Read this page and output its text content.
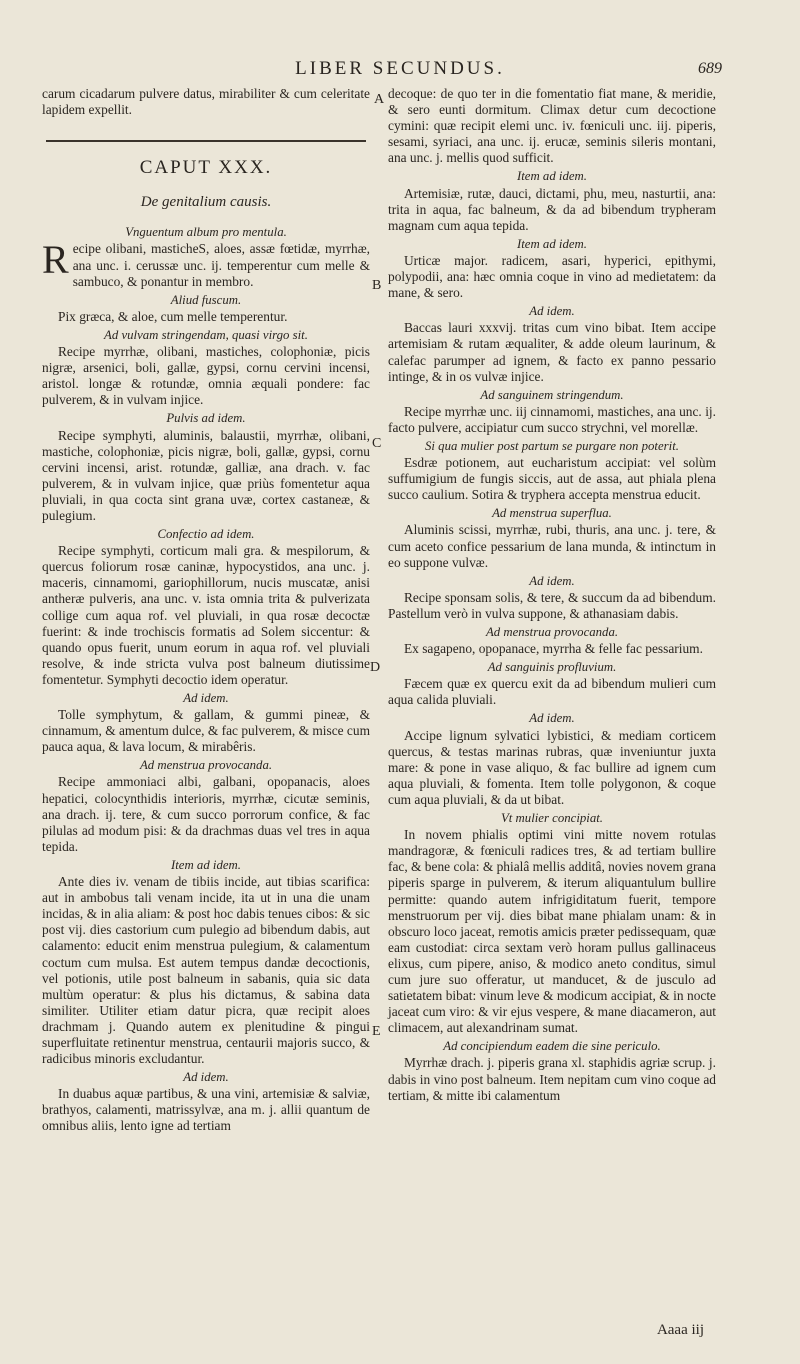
LIBER SECUNDUS.	689

carum cicadarum pulvere datus, mirabiliter & cum celeritate lapidem expellit.

CAPUT XXX.
De genitalium causis.
Vnguentum album pro mentula.

Recipe olibani, masticheS, aloes, assæ fœtidæ, myrrhæ, ana unc. i. cerussæ unc. ij. temperentur cum melle & sambuco, & ponantur in membro.

Aliud fuscum.

Pix græca, & aloe, cum melle temperentur.

Ad vulvam stringendam, quasi virgo sit.

Recipe myrrhæ, olibani, mastiches, colophoniæ, picis nigræ, arsenici, boli, gallæ, gypsi, cornu cervini incensi, aristol. longæ & rotundæ, omnia æquali pondere: fac pulverem, & in vulvam injice.

Pulvis ad idem.

Recipe symphyti, aluminis, balaustii, myrrhæ, olibani, mastiche, colophoniæ, picis nigræ, boli, gallæ, gypsi, cornu cervini incensi, arist. rotundæ, galliæ, ana drach. v. fac pulverem, & in vulvam injice, quæ priùs fomentetur aqua pluviali, in qua cocta sint grana uvæ, cortex castaneæ, & pulegium.

Confectio ad idem.

Recipe symphyti, corticum mali gra. & mespilorum, & quercus foliorum rosæ caninæ, hypocystidos, ana unc. j. maceris, cinnamomi, gariophillorum, nucis muscatæ, anisi antheræ pulveris, ana unc. v. ista omnia trita & pulverizata collige cum aqua rof. vel pluviali, in qua rosæ decoctæ fuerint: & inde trochiscis formatis ad Solem siccentur: & quando opus fuerit, unum eorum in aqua rof. vel pluviali resolve, & inde stricta vulva post balneum diutissime fomentetur. Symphyti decoctio idem operatur.

Ad idem.

Tolle symphytum, & gallam, & gummi pineæ, & cinnamum, & amentum dulce, & fac pulverem, & misce cum pauca aqua, & lava locum, & mirabêris.

Ad menstrua provocanda.

Recipe ammoniaci albi, galbani, opopanacis, aloes hepatici, colocynthidis interioris, myrrhæ, cicutæ seminis, ana drach. ij. tere, & cum succo porrorum confice, & fac pilulas ad modum pisi: & da drachmas duas vel tres in aqua tepida.

Item ad idem.

Ante dies iv. venam de tibiis incide, aut tibias scarifica: aut in ambobus tali venam incide, ita ut in una die unam incidas, & in alia aliam: & post hoc dabis tenues cibos: & sic post vij. dies castorium cum pulegio ad bibendum dabis, aut calamento: educit enim menstrua pulegium, & calamentum coctum cum mulsa. Est autem tempus dandæ decoctionis, vel potionis, utile post balneum in sabanis, quia sic data multùm operatur: & plus his dictamus, & sabina data similiter. Utiliter etiam datur picra, quæ recipit aloes drachmam j. Quando autem ex plenitudine & pingui superfluitate retinentur menstrua, centaurii majoris succo, & radicibus minoris excludantur.

Ad idem.

In duabus aquæ partibus, & una vini, artemisiæ & salviæ, brathyos, calamenti, matrissylvæ, ana m. j. allii quantum de omnibus aliis, lento igne ad tertiam

A
B
C
D
E

decoque: de quo ter in die fomentatio fiat mane, & meridie, & sero eunti dormitum. Climax detur cum decoctione cymini: quæ recipit elemi unc. iv. fœniculi unc. iij. piperis, sesami, syriaci, ana unc. ij. erucæ, seminis sileris montani, ana unc. j. mellis quod sufficit.

Item ad idem.

Artemisiæ, rutæ, dauci, dictami, phu, meu, nasturtii, ana: trita in aqua, fac balneum, & da ad bibendum trypheram magnam cum aqua tepida.

Item ad idem.

Urticæ major. radicem, asari, hyperici, epithymi, polypodii, ana: hæc omnia coque in vino ad medietatem: da mane, & sero.

Ad idem.

Baccas lauri xxxvij. tritas cum vino bibat. Item accipe artemisiam & rutam æqualiter, & adde oleum laurinum, & calefac parumper ad ignem, & facto ex panno pessario intinge, & in os vulvæ injice.

Ad sanguinem stringendum.

Recipe myrrhæ unc. iij cinnamomi, mastiches, ana unc. ij. facto pulvere, accipiatur cum succo strychni, vel morellæ.

Si qua mulier post partum se purgare non poterit.

Esdræ potionem, aut eucharistum accipiat: vel solùm suffumigium de fungis siccis, aut de assa, aut phiala plena succo caulium. Sotira & tryphera accepta menstrua educit.

Ad menstrua superflua.

Aluminis scissi, myrrhæ, rubi, thuris, ana unc. j. tere, & cum aceto confice pessarium de lana munda, & intinctum in eo suppone vulvæ.

Ad idem.

Recipe sponsam solis, & tere, & succum da ad bibendum. Pastellum verò in vulva suppone, & athanasiam dabis.

Ad menstrua provocanda.

Ex sagapeno, opopanace, myrrha & felle fac pessarium.

Ad sanguinis profluvium.

Fæcem quæ ex quercu exit da ad bibendum mulieri cum aqua calida pluviali.

Ad idem.

Accipe lignum sylvatici lybistici, & mediam corticem quercus, & testas marinas rubras, quæ inveniuntur juxta mare: & pone in vase aliquo, & fac bullire ad ignem cum aqua pluviali, & fomenta. Item tolle polygonon, & coque cum aqua pluviali, & da ut bibat.

Vt mulier concipiat.

In novem phialis optimi vini mitte novem rotulas mandragoræ, & fœniculi radices tres, & ad tertiam bullire fac, & bene cola: & phialâ mellis additâ, novies novem grana piperis sparge in pulverem, & iterum aliquantulum bullire permitte: quando autem infrigiditatum fuerit, tempore menstruorum per vij. dies bibat mane phialam unam: & in obscuro loco jaceat, remotis amicis præter pedissequam, quæ eam custodiat: circa sextam verò horam pullus gallinaceus elixus, cum pipere, aniso, & modico aneto conditus, simul cum jure suo offeratur, ut manducet, & de jusculo ad satietatem bibat: vinum leve & modicum accipiat, & in nocte jaceat cum viro: & vir ejus vespere, & mane diacameron, aut climacem, aut alexandrinam sumat.

Ad concipiendum eadem die sine periculo.

Myrrhæ drach. j. piperis grana xl. staphidis agriæ scrup. j. dabis in vino post balneum. Item nepitam cum vino coque ad tertiam, & mitte ibi calamentum

Aaaa iij
